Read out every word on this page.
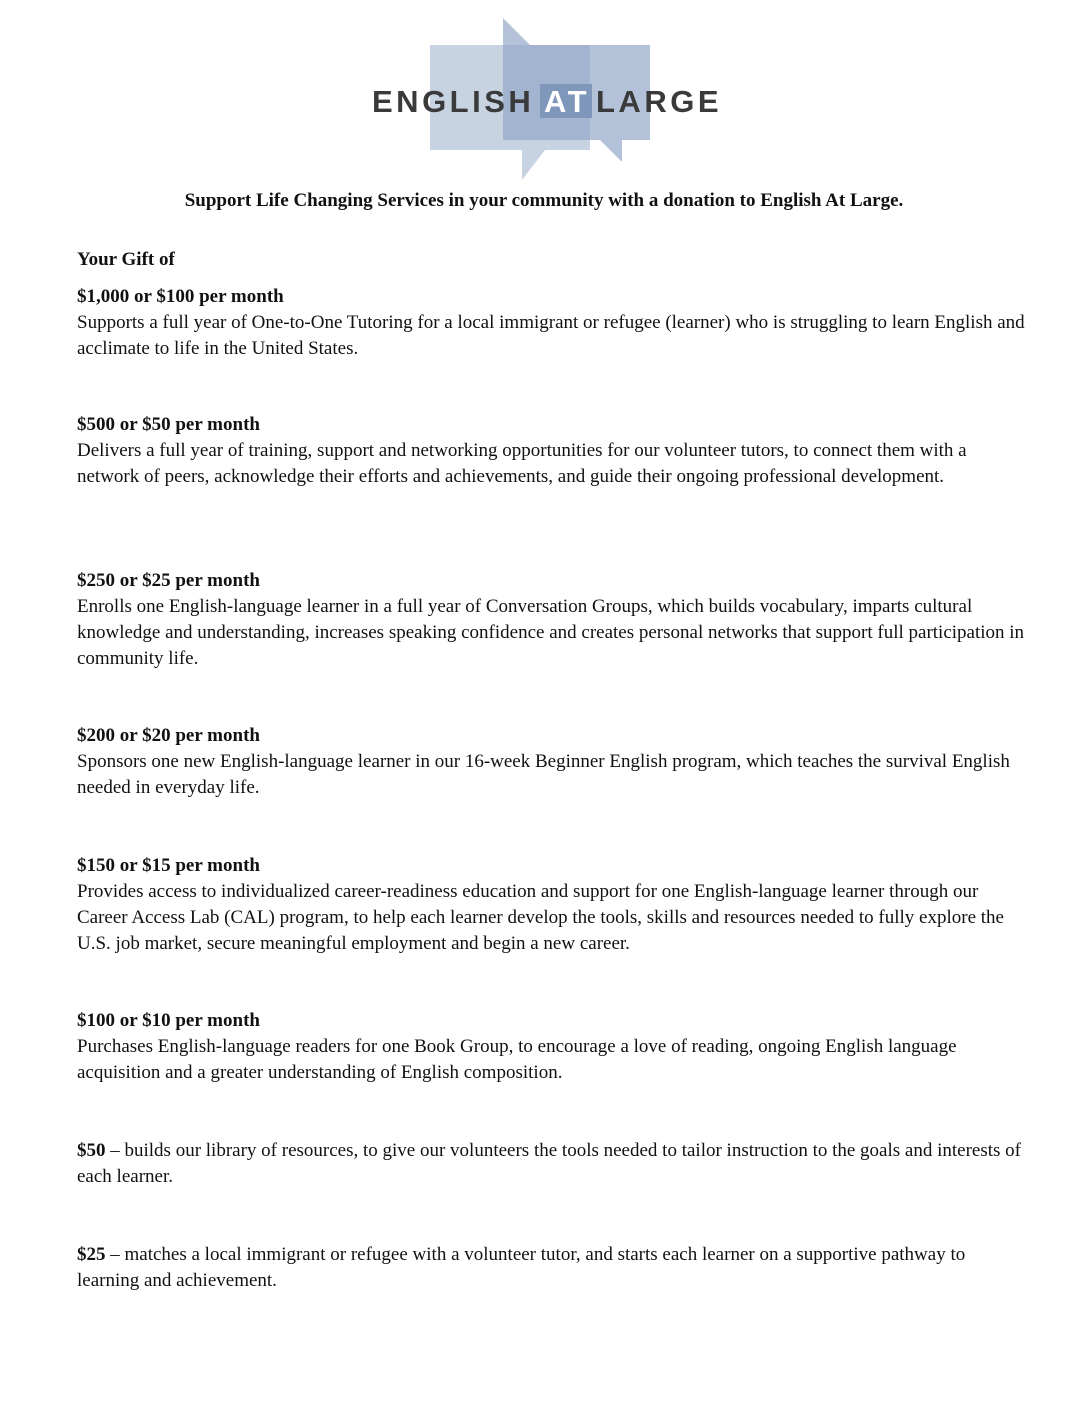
ENGLISH AT LARGE

Support Life Changing Services in your community with a donation to English At Large.

Your Gift of

$1,000 or $100 per month

Supports a full year of One-to-One Tutoring for a local immigrant or refugee (learner) who is struggling to learn English and acclimate to life in the United States.

$500 or $50 per month

Delivers a full year of training, support and networking opportunities for our volunteer tutors, to connect them with a network of peers, acknowledge their efforts and achievements, and guide their ongoing professional development.

$250 or $25 per month

Enrolls one English-language learner in a full year of Conversation Groups, which builds vocabulary, imparts cultural knowledge and understanding, increases speaking confidence and creates personal networks that support full participation in community life.

$200 or $20 per month

Sponsors one new English-language learner in our 16-week Beginner English program, which teaches the survival English needed in everyday life.

$150 or $15 per month

Provides access to individualized career-readiness education and support for one English-language learner through our Career Access Lab (CAL) program, to help each learner develop the tools, skills and resources needed to fully explore the U.S. job market, secure meaningful employment and begin a new career.

$100 or $10 per month

Purchases English-language readers for one Book Group, to encourage a love of reading, ongoing English language acquisition and a greater understanding of English composition.

$50 – builds our library of resources, to give our volunteers the tools needed to tailor instruction to the goals and interests of each learner.

$25 – matches a local immigrant or refugee with a volunteer tutor, and starts each learner on a supportive pathway to learning and achievement.
